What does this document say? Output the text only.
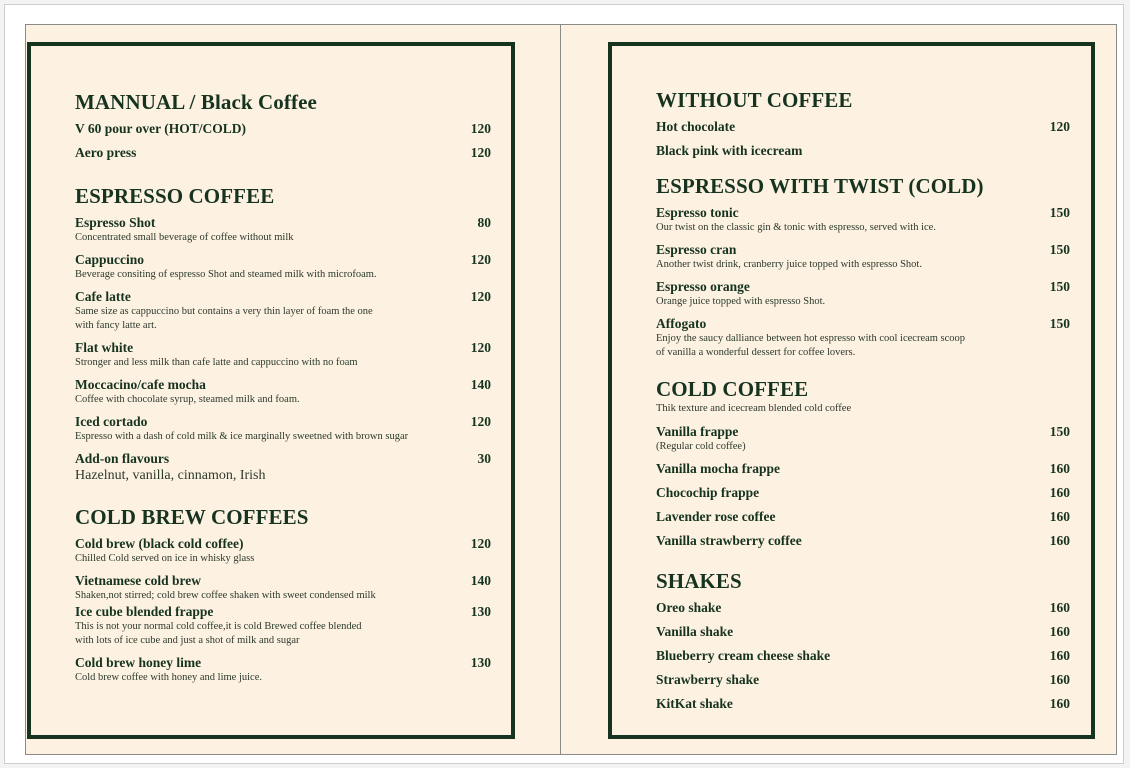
MANNUAL / Black Coffee
V 60 pour over (HOT/COLD)	120
Aero press	120
ESPRESSO COFFEE
Espresso Shot	80
Concentrated small beverage of coffee without milk
Cappuccino	120
Beverage consiting of espresso Shot and steamed milk with microfoam.
Cafe latte	120
Same size as cappuccino but contains a very thin layer of foam the one
with fancy latte art.
Flat white	120
Stronger and less milk than cafe latte and cappuccino with no foam
Moccacino/cafe mocha	140
Coffee with chocolate syrup, steamed milk and foam.
Iced cortado	120
Espresso with a dash of cold milk & ice marginally sweetned with brown sugar
Add-on flavours	30
Hazelnut, vanilla, cinnamon, Irish
COLD BREW COFFEES
Cold brew (black cold coffee)	120
Chilled Cold served on ice in whisky glass
Vietnamese cold brew	140
Shaken,not stirred; cold brew coffee shaken with sweet condensed milk
Ice cube blended frappe	130
This is not your normal cold coffee,it is cold Brewed coffee blended
with lots of ice cube and just a shot of milk and sugar
Cold brew honey lime	130
Cold brew coffee with honey and lime juice.
WITHOUT COFFEE
Hot chocolate	120
Black pink with icecream
ESPRESSO WITH TWIST (COLD)
Espresso tonic	150
Our twist on the classic gin & tonic with espresso, served with ice.
Espresso cran	150
Another twist drink, cranberry juice topped with espresso Shot.
Espresso orange	150
Orange juice topped with espresso Shot.
Affogato	150
Enjoy the saucy dalliance between hot espresso with cool icecream scoop
of vanilla a wonderful dessert for coffee lovers.
COLD COFFEE
Thik texture and icecream blended cold coffee
Vanilla frappe	150
(Regular cold coffee)
Vanilla mocha frappe	160
Chocochip frappe	160
Lavender rose coffee	160
Vanilla strawberry coffee	160
SHAKES
Oreo shake	160
Vanilla shake	160
Blueberry cream cheese shake	160
Strawberry shake	160
KitKat shake	160
